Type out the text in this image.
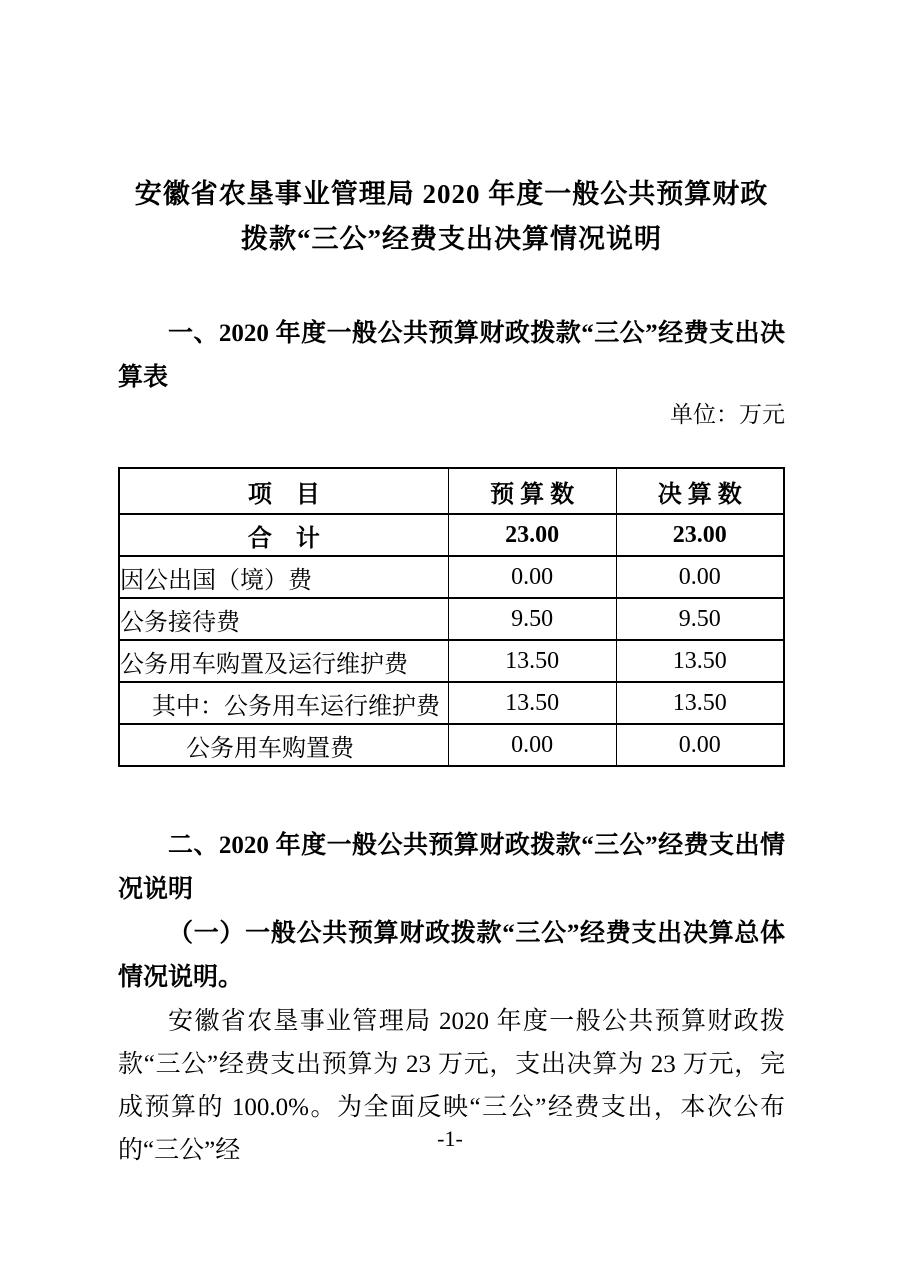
安徽省农垦事业管理局 2020 年度一般公共预算财政
拨款“三公”经费支出决算情况说明
一、2020 年度一般公共预算财政拨款“三公”经费支出决算表
单位：万元
项　目	预 算 数	决 算 数
合　计	23.00	23.00
因公出国（境）费	0.00	0.00
公务接待费	9.50	9.50
公务用车购置及运行维护费	13.50	13.50
其中：公务用车运行维护费	13.50	13.50
公务用车购置费	0.00	0.00
二、2020 年度一般公共预算财政拨款“三公”经费支出情况说明
（一）一般公共预算财政拨款“三公”经费支出决算总体情况说明。
安徽省农垦事业管理局 2020 年度一般公共预算财政拨款“三公”经费支出预算为 23 万元，支出决算为 23 万元，完成预算的 100.0%。为全面反映“三公”经费支出，本次公布的“三公”经	-1-
